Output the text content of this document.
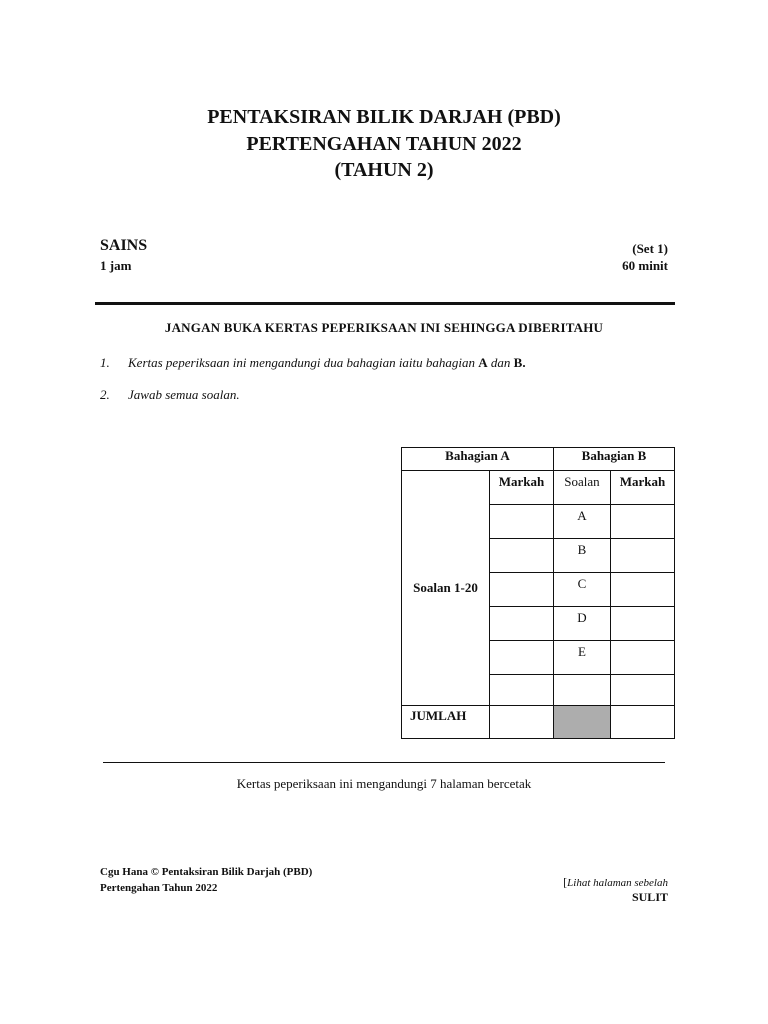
PENTAKSIRAN BILIK DARJAH (PBD)
PERTENGAHAN TAHUN 2022
(TAHUN 2)
SAINS	(Set 1)
1 jam	60 minit
JANGAN BUKA KERTAS PEPERIKSAAN INI SEHINGGA DIBERITAHU
1. Kertas peperiksaan ini mengandungi dua bahagian iaitu bahagian A dan B.
2. Jawab semua soalan.
Bahagian A		Bahagian B	
Soalan 1-20	Markah	Soalan	Markah
		A	
		B	
		C	
		D	
		E	

JUMLAH			
Kertas peperiksaan ini mengandungi 7 halaman bercetak
Cgu Hana © Pentaksiran Bilik Darjah (PBD)
Pertengahan Tahun 2022	[Lihat halaman sebelah
SULIT
